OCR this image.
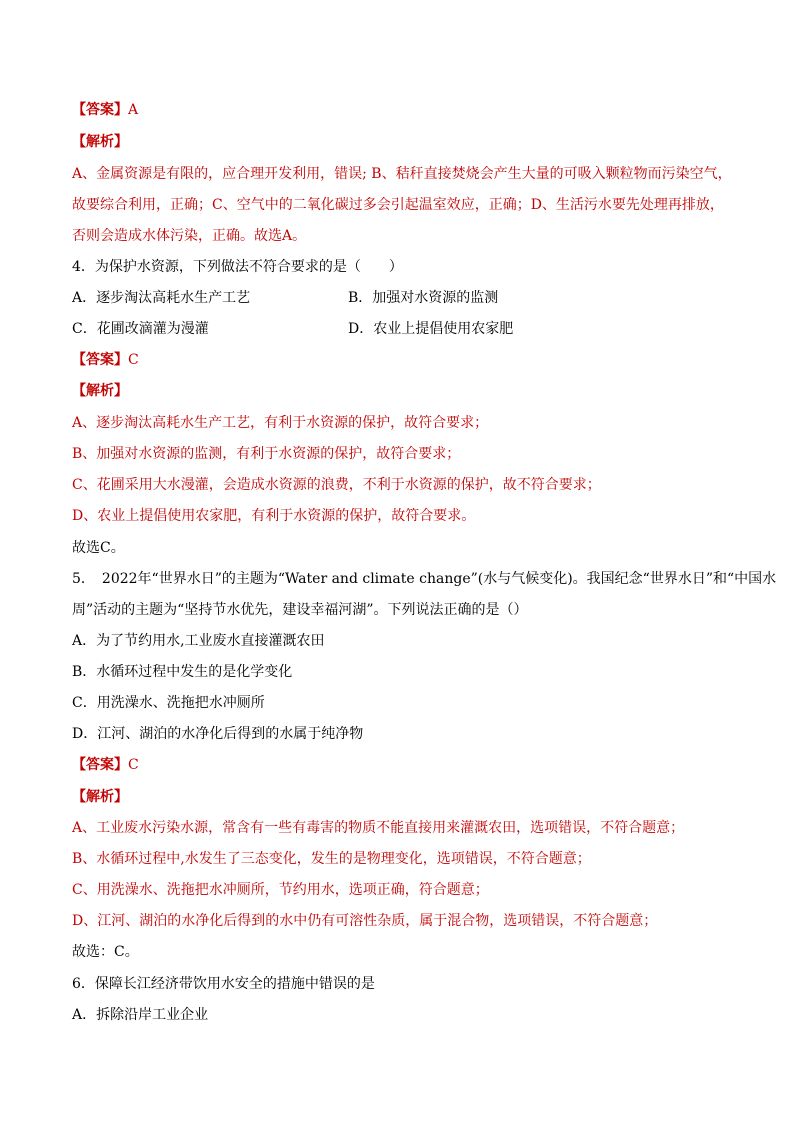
【答案】A
【解析】
A、金属资源是有限的，应合理开发利用，错误; B、秸秆直接焚烧会产生大量的可吸入颗粒物而污染空气，
故要综合利用，正确；C、空气中的二氧化碳过多会引起温室效应，正确；D、生活污水要先处理再排放，
否则会造成水体污染，正确。故选A。
4．为保护水资源，下列做法不符合要求的是（　　）
A．逐步淘汰高耗水生产工艺	B．加强对水资源的监测
C．花圃改滴灌为漫灌	D．农业上提倡使用农家肥
【答案】C
【解析】
A、逐步淘汰高耗水生产工艺，有利于水资源的保护，故符合要求；
B、加强对水资源的监测，有利于水资源的保护，故符合要求；
C、花圃采用大水漫灌，会造成水资源的浪费，不利于水资源的保护，故不符合要求；
D、农业上提倡使用农家肥，有利于水资源的保护，故符合要求。
故选C。
5．　2022年“世界水日”的主题为“Water and climate change”(水与气候变化)。我国纪念“世界水日”和“中国水
周”活动的主题为“坚持节水优先，建设幸福河湖”。下列说法正确的是（）
A．为了节约用水,工业废水直接灌溉农田
B．水循环过程中发生的是化学变化
C．用洗澡水、洗拖把水冲厕所
D．江河、湖泊的水净化后得到的水属于纯净物
【答案】C
【解析】
A、工业废水污染水源，常含有一些有毒害的物质不能直接用来灌溉农田，选项错误，不符合题意；
B、水循环过程中,水发生了三态变化，发生的是物理变化，选项错误，不符合题意；
C、用洗澡水、洗拖把水冲厕所，节约用水，选项正确，符合题意；
D、江河、湖泊的水净化后得到的水中仍有可溶性杂质，属于混合物，选项错误，不符合题意；
故选：C。
6．保障长江经济带饮用水安全的措施中错误的是
A．拆除沿岸工业企业
